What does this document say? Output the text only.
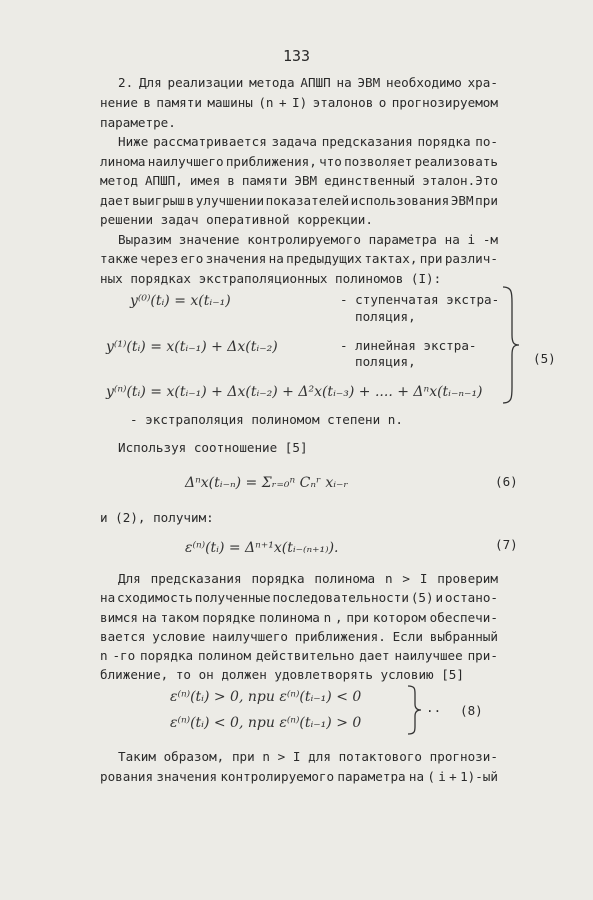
133
2. Для реализации метода АПШП на ЭВМ необходимо хра-
нение в памяти машины (n + I) эталонов о прогнозируемом
параметре.
Ниже рассматривается задача предсказания порядка по-
линома наилучшего приближения, что позволяет реализовать
метод АПШП, имея в памяти ЭВМ единственный эталон.Это
дает выигрыш в улучшении показателей использования ЭВМ при
решении задач оперативной коррекции.
Выразим значение контролируемого параметра на i -м
также через его значения на предыдущих тактах, при различ-
ных порядках экстраполяционных полиномов (I):
y⁽⁰⁾(tᵢ) = x(tᵢ₋₁)	- ступенчатая экстра-
поляция,
y⁽¹⁾(tᵢ) = x(tᵢ₋₁) + Δx(tᵢ₋₂)	- линейная экстра-
поляция,
y⁽ⁿ⁾(tᵢ) = x(tᵢ₋₁) + Δx(tᵢ₋₂) + Δ²x(tᵢ₋₃) + .... + Δⁿx(tᵢ₋ₙ₋₁)
- экстраполяция полиномом степени n.
(5)
Используя соотношение [5]
Δⁿx(tᵢ₋ₙ) = Σᵣ₌₀ⁿ Cₙʳ xᵢ₋ᵣ	(6)
и (2), получим:
ε⁽ⁿ⁾(tᵢ) = Δⁿ⁺¹x(tᵢ₋₍ₙ₊₁₎).	(7)
Для предсказания порядка полинома n > I проверим
на сходимость полученные последовательности (5) и остано-
вимся на таком порядке полинома n , при котором обеспечи-
вается условие наилучшего приближения. Если выбранный
n -го порядка полином действительно дает наилучшее при-
ближение, то он должен удовлетворять условию [5]
ε⁽ⁿ⁾(tᵢ) > 0, при ε⁽ⁿ⁾(tᵢ₋₁) < 0
ε⁽ⁿ⁾(tᵢ) < 0, при ε⁽ⁿ⁾(tᵢ₋₁) > 0
.. (8)
Таким образом, при n > I для потактового прогнози-
рования значения контролируемого параметра на ( i + 1)-ый
